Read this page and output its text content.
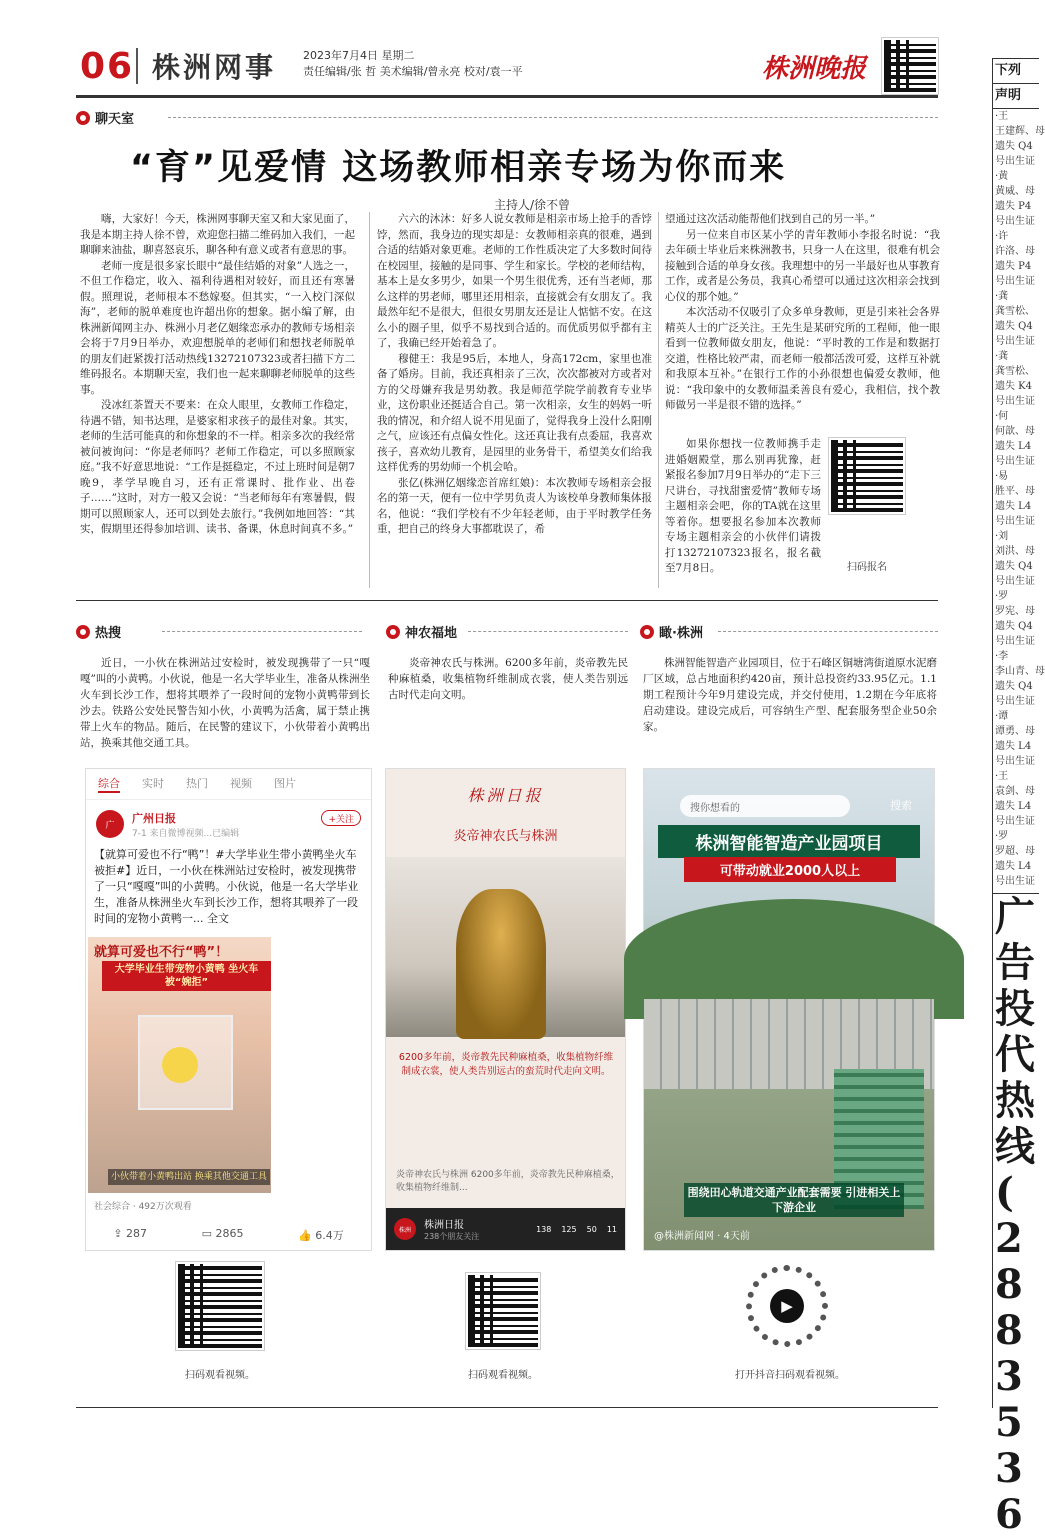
06 株洲网事 2023年7月4日 星期二
责任编辑/张 哲 美术编辑/曾永亮 校对/袁一平	株洲晚报
聊天室
“育”见爱情 这场教师相亲专场为你而来
主持人/徐不曾

嗨，大家好！今天，株洲网事聊天室又和大家见面了，我是本期主持人徐不曾，欢迎您扫描二维码加入我们，一起聊聊来油盐，聊喜怒哀乐，聊各种有意义或者有意思的事。

老师一度是很多家长眼中“最佳结婚的对象”人选之一，不但工作稳定，收入、福利待遇相对较好，而且还有寒暑假。照理说，老师根本不愁嫁娶。但其实，“一入校门深似海”，老师的脱单难度也许超出你的想象。据小编了解，由株洲新闻网主办、株洲小月老亿姻缘恋承办的教师专场相亲会将于7月9日举办，欢迎想脱单的老师们和想找老师脱单的朋友们赶紧拨打活动热线13272107323或者扫描下方二维码报名。本期聊天室，我们也一起来聊聊老师脱单的这些事。

没冰红茶置天不要来：在众人眼里，女教师工作稳定，待遇不错，知书达理，是婆家相求孩子的最佳对象。其实，老师的生活可能真的和你想象的不一样。相亲多次的我经常被问被询问：“你是老师吗？老师工作稳定，可以多照顾家庭。”我不好意思地说：“工作是挺稳定，不过上班时间是朝7晚9，孝学早晚自习，还有正常课时、批作业、出卷子……”这时，对方一般又会说：“当老师每年有寒暑假，假期可以照顾家人，还可以到处去旅行。”我例如地回答：“其实，假期里还得参加培训、读书、备课，休息时间真不多。”

六六的沐沐：好多人说女教师是相亲市场上抢手的香饽饽，然而，我身边的现实却是：女教师相亲真的很难，遇到合适的结婚对象更难。老师的工作性质决定了大多数时间待在校园里，接触的是同事、学生和家长。学校的老师结构，基本上是女多男少，如果一个男生很优秀，还有当老师，那么这样的男老师，哪里还用相亲，直接就会有女朋友了。我最然年纪不是很大，但很女男朋友还是让人惦惦不安。在这么小的圈子里，似乎不易找到合适的。而优质男似乎都有主了，我确已经开始着急了。

穆健王：我是95后，本地人，身高172cm，家里也准备了婚房。目前，我还真相亲了三次，次次都被对方或者对方的父母嫌弃我是男幼教。我是师范学院学前教育专业毕业，这份职业还挺适合自己。第一次相亲，女生的妈妈一听我的情况，和介绍人说不用见面了，觉得我身上没什么阳刚之气，应该还有点偏女性化。这还真让我有点委屈，我喜欢孩子，喜欢幼儿教育，是园里的业务骨干，希望美女们给我这样优秀的男幼师一个机会哈。

张亿(株洲亿姻缘恋首席红娘)：本次教师专场相亲会报名的第一天，便有一位中学男负责人为该校单身教师集体报名，他说：“我们学校有不少年轻老师，由于平时教学任务重，把自己的终身大事都耽误了，希

望通过这次活动能帮他们找到自己的另一半。”

另一位来自市区某小学的青年教师小李报名时说：“我去年硕士毕业后来株洲教书，只身一人在这里，很难有机会接触到合适的单身女孩。我理想中的另一半最好也从事教育工作，或者是公务员，我真心希望可以通过这次相亲会找到心仪的那个她。”

本次活动不仅吸引了众多单身教师，更是引来社会各界精英人士的广泛关注。王先生是某研究所的工程师，他一眼看到一位教师做女朋友，他说：“平时教的工作是和数据打交道，性格比较严肃，而老师一般都活泼可爱，这样互补就和我原本互补。”在银行工作的小孙很想也偏爱女教师，他说：“我印象中的女教师温柔善良有爱心，我相信，找个教师做另一半是很不错的选择。”

如果你想找一位教师携手走进婚姻殿堂，那么别再犹豫，赶紧报名参加7月9日举办的“走下三尺讲台，寻找甜蜜爱情”教师专场主题相亲会吧，你的TA就在这里等着你。想要报名参加本次教师专场主题相亲会的小伙伴们请拨打13272107323报名，报名截至7月8日。	扫码报名
热搜

近日，一小伙在株洲站过安检时，被发现携带了一只“嘎嘎”叫的小黄鸭。小伙说，他是一名大学毕业生，准备从株洲坐火车到长沙工作，想将其喂养了一段时间的宠物小黄鸭带到长沙去。铁路公安处民警告知小伙，小黄鸭为活禽，属于禁止携带上火车的物品。随后，在民警的建议下，小伙带着小黄鸭出站，换乘其他交通工具。

综合 实时 热门 视频 图片
广
广州日报
7-1 来自微博视频...已编辑
+关注
【就算可爱也不行“鸭”！#大学毕业生带小黄鸭坐火车被拒#】近日，一小伙在株洲站过安检时，被发现携带了一只“嘎嘎”叫的小黄鸭。小伙说，他是一名大学毕业生，准备从株洲坐火车到长沙工作，想将其喂养了一段时间的宠物小黄鸭一... 全文
就算可爱也不行“鸭”！
大学毕业生带宠物小黄鸭 坐火车被“婉拒”
小伙带着小黄鸭出站 换乘其他交通工具
社会综合 · 492万次观看
⇪ 287	▭ 2865	👍 6.4万
扫码观看视频。
神农福地

炎帝神农氏与株洲。6200多年前，炎帝教先民种麻植桑，收集植物纤维制成衣裳，使人类告别远古时代走向文明。

株洲日报
炎帝神农氏与株洲
6200多年前，炎帝教先民种麻植桑，收集植物纤维制成衣裳，使人类告别远古的蛮荒时代走向文明。
炎帝神农氏与株洲 6200多年前，炎帝教先民种麻植桑，收集植物纤维制...
株洲	株洲日报
238个朋友关注
138 125 50 11
扫码观看视频。
瞰·株洲

株洲智能智造产业园项目，位于石峰区铜塘湾街道原水泥磨厂区域，总占地面积约420亩，预计总投资约33.95亿元。1.1期工程预计今年9月建设完成，并交付使用，1.2期在今年底将启动建设。建设完成后，可容纳生产型、配套服务型企业50余家。

搜你想看的	搜索
株洲智能智造产业园项目
可带动就业2000人以上
围绕田心轨道交通产业配套需要 引进相关上下游企业
@株洲新闻网 · 4天前
▶
打开抖音扫码观看视频。
下列
声明
·王
王建辉、母
遗失 Q4
号出生证
·黄
黄威、母
遗失 P4
号出生证
·许
许洛、母
遗失 P4
号出生证
·龚
龚雪松、
遗失 Q4
号出生证
·龚
龚雪松、
遗失 K4
号出生证
·何
何歆、母
遗失 L4
号出生证
·易
胜平、母
遗失 L4
号出生证
·刘
刘洪、母
遗失 Q4
号出生证
·罗
罗宪、母
遗失 Q4
号出生证
·李
李山青、母
遗失 Q4
号出生证
·谭
谭勇、母
遗失 L4
号出生证
·王
袁剑、母
遗失 L4
号出生证
·罗
罗超、母
遗失 L4
号出生证
广
告
投
代
热
线
(
2
8
8
3
5
3
6
